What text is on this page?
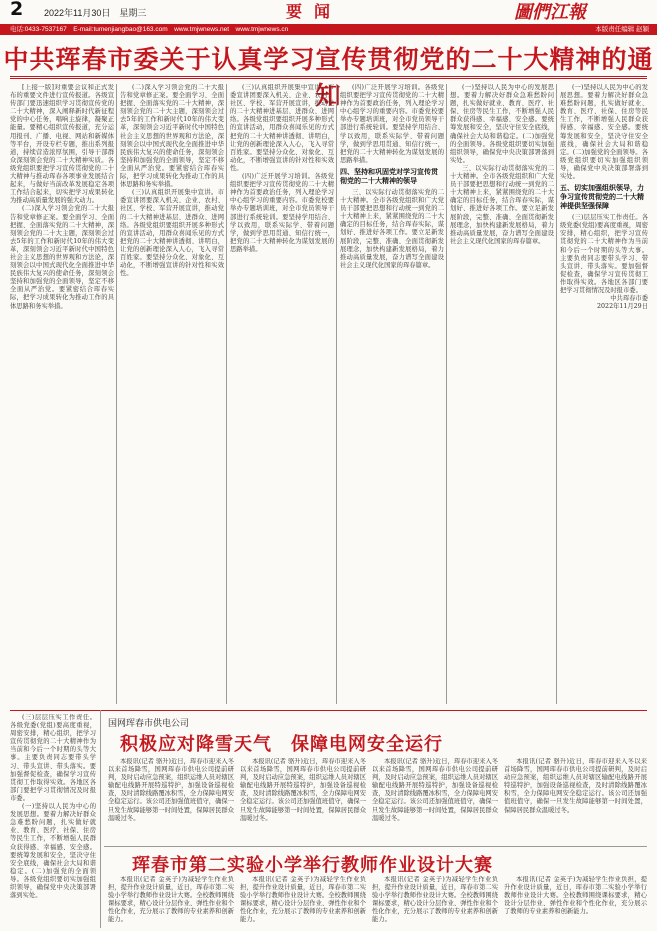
2 2022年11月30日　星期三	要闻	圖們江報
电话:0433-7537167　E-mail:tumenjiangbao@163.com　www.tmjwnews.net　www.tmjwnews.cn	本版责任编辑 赵颖
中共珲春市委关于认真学习宣传贯彻党的二十大精神的通知

[上接一版]对重要会议和正式发布的重要文件进行宣传报道。各级宣传部门要迅速组织学习贯彻宣传党的二十大精神，深入阐释新时代新征程党的中心任务，唱响主旋律，凝聚正能量。要精心组织宣传报道，充分运用报刊、广播、电视、网站和新媒体等平台，开设专栏专题，推出系列报道，持续营造浓厚氛围，引导干部群众深刻领会党的二十大精神实质。各级党组织要把学习宣传贯彻党的二十大精神与推动珲春各项事业发展结合起来，与做好当前改革发展稳定各项工作结合起来，切实把学习成果转化为推动高质量发展的强大动力。

(二)深入学习领会党的二十大报告和党章修正案。要全面学习、全面把握、全面落实党的二十大精神，深刻领会党的二十大主题，深刻领会过去5年的工作和新时代10年的伟大变革，深刻领会习近平新时代中国特色社会主义思想的世界观和方法论，深刻领会以中国式现代化全面推进中华民族伟大复兴的使命任务，深刻领会坚持和加强党的全面领导，坚定不移全面从严治党。要紧密结合珲春实际，把学习成果转化为推动工作的具体思路和务实举措。

(二)深入学习领会党的二十大报告和党章修正案。要全面学习、全面把握、全面落实党的二十大精神，深刻领会党的二十大主题，深刻领会过去5年的工作和新时代10年的伟大变革，深刻领会习近平新时代中国特色社会主义思想的世界观和方法论，深刻领会以中国式现代化全面推进中华民族伟大复兴的使命任务，深刻领会坚持和加强党的全面领导，坚定不移全面从严治党。要紧密结合珲春实际，把学习成果转化为推动工作的具体思路和务实举措。

(三)认真组织开展集中宣讲。市委宣讲团要深入机关、企业、农村、社区、学校、军营开展宣讲，推动党的二十大精神进基层、进群众、进网络。各级党组织要组织开展多种形式的宣讲活动，用群众喜闻乐见的方式把党的二十大精神讲透彻、讲明白，让党的创新理论深入人心，飞入寻常百姓家。要坚持分众化、对象化、互动化，不断增强宣讲的针对性和实效性。

(三)认真组织开展集中宣讲。市委宣讲团要深入机关、企业、农村、社区、学校、军营开展宣讲，推动党的二十大精神进基层、进群众、进网络。各级党组织要组织开展多种形式的宣讲活动，用群众喜闻乐见的方式把党的二十大精神讲透彻、讲明白，让党的创新理论深入人心，飞入寻常百姓家。要坚持分众化、对象化、互动化，不断增强宣讲的针对性和实效性。

(四)广泛开展学习培训。各级党组织要把学习宣传贯彻党的二十大精神作为首要政治任务，列入理论学习中心组学习的重要内容。市委党校要举办专题培训班，对全市党员领导干部进行系统轮训。要坚持学用结合、学以致用，联系实际学、带着问题学，做到学思用贯通、知信行统一，把党的二十大精神转化为谋划发展的思路举措。

(四)广泛开展学习培训。各级党组织要把学习宣传贯彻党的二十大精神作为首要政治任务，列入理论学习中心组学习的重要内容。市委党校要举办专题培训班，对全市党员领导干部进行系统轮训。要坚持学用结合、学以致用，联系实际学、带着问题学，做到学思用贯通、知信行统一，把党的二十大精神转化为谋划发展的思路举措。

四、坚持和巩固党对学习宣传贯彻党的二十大精神的领导

三、以实际行动贯彻落实党的二十大精神。全市各级党组织和广大党员干部要把思想和行动统一到党的二十大精神上来，紧紧围绕党的二十大确定的目标任务，结合珲春实际，谋划好、推进好各项工作。要立足新发展阶段，完整、准确、全面贯彻新发展理念，加快构建新发展格局，着力推动高质量发展，奋力谱写全面建设社会主义现代化国家的珲春篇章。

(一)坚持以人民为中心的发展思想。要着力解决好群众急难愁盼问题，扎实做好就业、教育、医疗、社保、住房等民生工作，不断增强人民群众获得感、幸福感、安全感。要统筹发展和安全，坚决守住安全底线，确保社会大局和谐稳定。(二)加强党的全面领导。各级党组织要切实加强组织领导，确保党中央决策部署落到实处。

三、以实际行动贯彻落实党的二十大精神。全市各级党组织和广大党员干部要把思想和行动统一到党的二十大精神上来，紧紧围绕党的二十大确定的目标任务，结合珲春实际，谋划好、推进好各项工作。要立足新发展阶段，完整、准确、全面贯彻新发展理念，加快构建新发展格局，着力推动高质量发展，奋力谱写全面建设社会主义现代化国家的珲春篇章。

(一)坚持以人民为中心的发展思想。要着力解决好群众急难愁盼问题，扎实做好就业、教育、医疗、社保、住房等民生工作，不断增强人民群众获得感、幸福感、安全感。要统筹发展和安全，坚决守住安全底线，确保社会大局和谐稳定。(二)加强党的全面领导。各级党组织要切实加强组织领导，确保党中央决策部署落到实处。

五、切实加强组织领导，力争习宣传贯彻党的二十大精神提供坚强保障

(三)层层压实工作责任。各级党委(党组)要高度重视，周密安排，精心组织，把学习宣传贯彻党的二十大精神作为当前和今后一个时期的头等大事。主要负责同志要带头学习、带头宣讲、带头落实。要加强督促检查，确保学习宣传贯彻工作取得实效。各地区各部门要把学习贯彻情况及时报市委。

中共珲春市委
2022年11月29日

(三)层层压实工作责任。各级党委(党组)要高度重视，周密安排，精心组织，把学习宣传贯彻党的二十大精神作为当前和今后一个时期的头等大事。主要负责同志要带头学习、带头宣讲、带头落实。要加强督促检查，确保学习宣传贯彻工作取得实效。各地区各部门要把学习贯彻情况及时报市委。

(一)坚持以人民为中心的发展思想。要着力解决好群众急难愁盼问题，扎实做好就业、教育、医疗、社保、住房等民生工作，不断增强人民群众获得感、幸福感、安全感。要统筹发展和安全，坚决守住安全底线，确保社会大局和谐稳定。(二)加强党的全面领导。各级党组织要切实加强组织领导，确保党中央决策部署落到实处。

国网珲春市供电公司
积极应对降雪天气　保障电网安全运行

本报讯(记者 骆升)近日，珲春市迎来入冬以来首场降雪，国网珲春市供电公司提前研判，及时启动应急预案，组织运维人员对辖区输配电线路开展特巡特护，加强设备巡视检查，及时清除线路覆冰积雪，全力保障电网安全稳定运行。该公司还加强值班值守，确保一旦发生故障能够第一时间处置，保障居民群众温暖过冬。

本报讯(记者 骆升)近日，珲春市迎来入冬以来首场降雪，国网珲春市供电公司提前研判，及时启动应急预案，组织运维人员对辖区输配电线路开展特巡特护，加强设备巡视检查，及时清除线路覆冰积雪，全力保障电网安全稳定运行。该公司还加强值班值守，确保一旦发生故障能够第一时间处置，保障居民群众温暖过冬。

本报讯(记者 骆升)近日，珲春市迎来入冬以来首场降雪，国网珲春市供电公司提前研判，及时启动应急预案，组织运维人员对辖区输配电线路开展特巡特护，加强设备巡视检查，及时清除线路覆冰积雪，全力保障电网安全稳定运行。该公司还加强值班值守，确保一旦发生故障能够第一时间处置，保障居民群众温暖过冬。

本报讯(记者 骆升)近日，珲春市迎来入冬以来首场降雪，国网珲春市供电公司提前研判，及时启动应急预案，组织运维人员对辖区输配电线路开展特巡特护，加强设备巡视检查，及时清除线路覆冰积雪，全力保障电网安全稳定运行。该公司还加强值班值守，确保一旦发生故障能够第一时间处置，保障居民群众温暖过冬。

珲春市第二实验小学举行教师作业设计大赛

本报讯(记者 金英子)为减轻学生作业负担，提升作业设计质量，近日，珲春市第二实验小学举行教师作业设计大赛。全校教师围绕课标要求，精心设计分层作业、弹性作业和个性化作业，充分展示了教师的专业素养和创新能力。

本报讯(记者 金英子)为减轻学生作业负担，提升作业设计质量，近日，珲春市第二实验小学举行教师作业设计大赛。全校教师围绕课标要求，精心设计分层作业、弹性作业和个性化作业，充分展示了教师的专业素养和创新能力。

本报讯(记者 金英子)为减轻学生作业负担，提升作业设计质量，近日，珲春市第二实验小学举行教师作业设计大赛。全校教师围绕课标要求，精心设计分层作业、弹性作业和个性化作业，充分展示了教师的专业素养和创新能力。

本报讯(记者 金英子)为减轻学生作业负担，提升作业设计质量，近日，珲春市第二实验小学举行教师作业设计大赛。全校教师围绕课标要求，精心设计分层作业、弹性作业和个性化作业，充分展示了教师的专业素养和创新能力。
